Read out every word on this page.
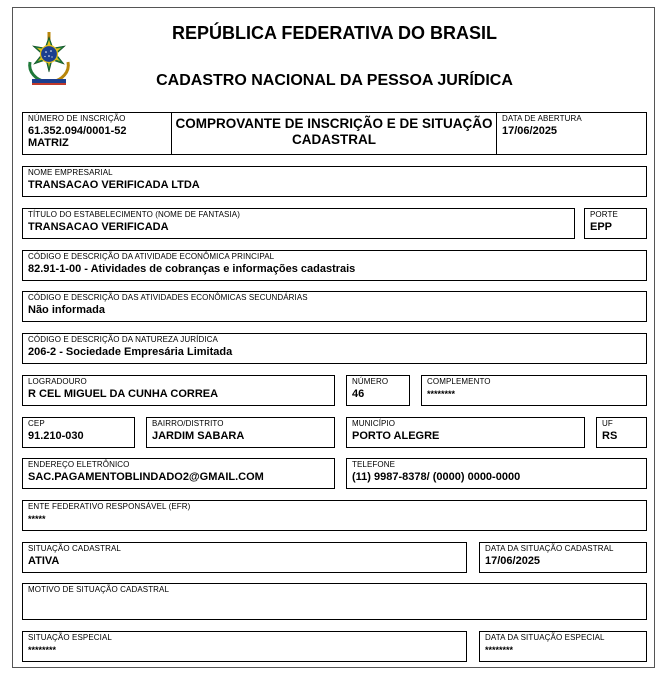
REPÚBLICA FEDERATIVA DO BRASIL
CADASTRO NACIONAL DA PESSOA JURÍDICA
NÚMERO DE INSCRIÇÃO
61.352.094/0001-52
MATRIZ
COMPROVANTE DE INSCRIÇÃO E DE SITUAÇÃO CADASTRAL
DATA DE ABERTURA
17/06/2025
NOME EMPRESARIAL
TRANSACAO VERIFICADA LTDA
TÍTULO DO ESTABELECIMENTO (NOME DE FANTASIA)
TRANSACAO VERIFICADA
PORTE
EPP
CÓDIGO E DESCRIÇÃO DA ATIVIDADE ECONÔMICA PRINCIPAL
82.91-1-00 - Atividades de cobranças e informações cadastrais
CÓDIGO E DESCRIÇÃO DAS ATIVIDADES ECONÔMICAS SECUNDÁRIAS
Não informada
CÓDIGO E DESCRIÇÃO DA NATUREZA JURÍDICA
206-2 - Sociedade Empresária Limitada
LOGRADOURO
R CEL MIGUEL DA CUNHA CORREA
NÚMERO
46
COMPLEMENTO
********
CEP
91.210-030
BAIRRO/DISTRITO
JARDIM SABARA
MUNICÍPIO
PORTO ALEGRE
UF
RS
ENDEREÇO ELETRÔNICO
SAC.PAGAMENTOBLINDADO2@GMAIL.COM
TELEFONE
(11) 9987-8378/ (0000) 0000-0000
ENTE FEDERATIVO RESPONSÁVEL (EFR)
*****
SITUAÇÃO CADASTRAL
ATIVA
DATA DA SITUAÇÃO CADASTRAL
17/06/2025
MOTIVO DE SITUAÇÃO CADASTRAL
SITUAÇÃO ESPECIAL
********
DATA DA SITUAÇÃO ESPECIAL
********
